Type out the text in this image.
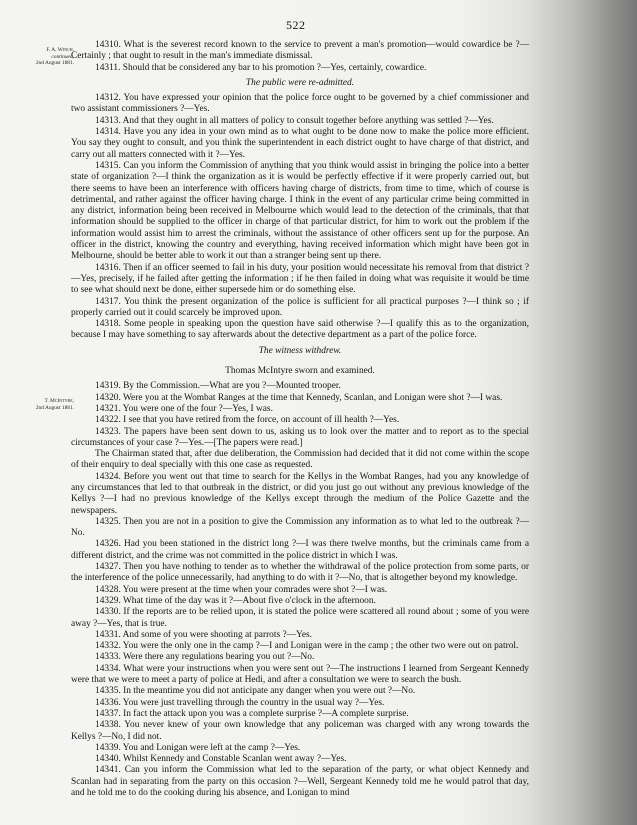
522
F. A. Winch,
continued,
2nd August 1881.
T. McIntyre,
2nd August 1881.
14310. What is the severest record known to the service to prevent a man's promotion—would cowardice be ?—Certainly ; that ought to result in the man's immediate dismissal.
14311. Should that be considered any bar to his promotion ?—Yes, certainly, cowardice.
The public were re-admitted.
14312. You have expressed your opinion that the police force ought to be governed by a chief commissioner and two assistant commissioners ?—Yes.
14313. And that they ought in all matters of policy to consult together before anything was settled ?—Yes.
14314. Have you any idea in your own mind as to what ought to be done now to make the police more efficient. You say they ought to consult, and you think the superintendent in each district ought to have charge of that district, and carry out all matters connected with it ?—Yes.
14315. Can you inform the Commission of anything that you think would assist in bringing the police into a better state of organization ?—I think the organization as it is would be perfectly effective if it were properly carried out, but there seems to have been an interference with officers having charge of districts, from time to time, which of course is detrimental, and rather against the officer having charge. I think in the event of any particular crime being committed in any district, information being been received in Melbourne which would lead to the detection of the criminals, that that information should be supplied to the officer in charge of that particular district, for him to work out the problem if the information would assist him to arrest the criminals, without the assistance of other officers sent up for the purpose. An officer in the district, knowing the country and everything, having received information which might have been got in Melbourne, should be better able to work it out than a stranger being sent up there.
14316. Then if an officer seemed to fail in his duty, your position would necessitate his removal from that district ?—Yes, precisely, if he failed after getting the information ; if he then failed in doing what was requisite it would be time to see what should next be done, either supersede him or do something else.
14317. You think the present organization of the police is sufficient for all practical purposes ?—I think so ; if properly carried out it could scarcely be improved upon.
14318. Some people in speaking upon the question have said otherwise ?—I qualify this as to the organization, because I may have something to say afterwards about the detective department as a part of the police force.
The witness withdrew.
Thomas McIntyre sworn and examined.
14319. By the Commission.—What are you ?—Mounted trooper.
14320. Were you at the Wombat Ranges at the time that Kennedy, Scanlan, and Lonigan were shot ?—I was.
14321. You were one of the four ?—Yes, I was.
14322. I see that you have retired from the force, on account of ill health ?—Yes.
14323. The papers have been sent down to us, asking us to look over the matter and to report as to the special circumstances of your case ?—Yes.—[The papers were read.]
The Chairman stated that, after due deliberation, the Commission had decided that it did not come within the scope of their enquiry to deal specially with this one case as requested.
14324. Before you went out that time to search for the Kellys in the Wombat Ranges, had you any knowledge of any circumstances that led to that outbreak in the district, or did you just go out without any previous knowledge of the Kellys ?—I had no previous knowledge of the Kellys except through the medium of the Police Gazette and the newspapers.
14325. Then you are not in a position to give the Commission any information as to what led to the outbreak ?—No.
14326. Had you been stationed in the district long ?—I was there twelve months, but the criminals came from a different district, and the crime was not committed in the police district in which I was.
14327. Then you have nothing to tender as to whether the withdrawal of the police protection from some parts, or the interference of the police unnecessarily, had anything to do with it ?—No, that is altogether beyond my knowledge.
14328. You were present at the time when your comrades were shot ?—I was.
14329. What time of the day was it ?—About five o'clock in the afternoon.
14330. If the reports are to be relied upon, it is stated the police were scattered all round about ; some of you were away ?—Yes, that is true.
14331. And some of you were shooting at parrots ?—Yes.
14332. You were the only one in the camp ?—I and Lonigan were in the camp ; the other two were out on patrol.
14333. Were there any regulations bearing you out ?—No.
14334. What were your instructions when you were sent out ?—The instructions I learned from Sergeant Kennedy were that we were to meet a party of police at Hedi, and after a consultation we were to search the bush.
14335. In the meantime you did not anticipate any danger when you were out ?—No.
14336. You were just travelling through the country in the usual way ?—Yes.
14337. In fact the attack upon you was a complete surprise ?—A complete surprise.
14338. You never knew of your own knowledge that any policeman was charged with any wrong towards the Kellys ?—No, I did not.
14339. You and Lonigan were left at the camp ?—Yes.
14340. Whilst Kennedy and Constable Scanlan went away ?—Yes.
14341. Can you inform the Commission what led to the separation of the party, or what object Kennedy and Scanlan had in separating from the party on this occasion ?—Well, Sergeant Kennedy told me he would patrol that day, and he told me to do the cooking during his absence, and Lonigan to mind
